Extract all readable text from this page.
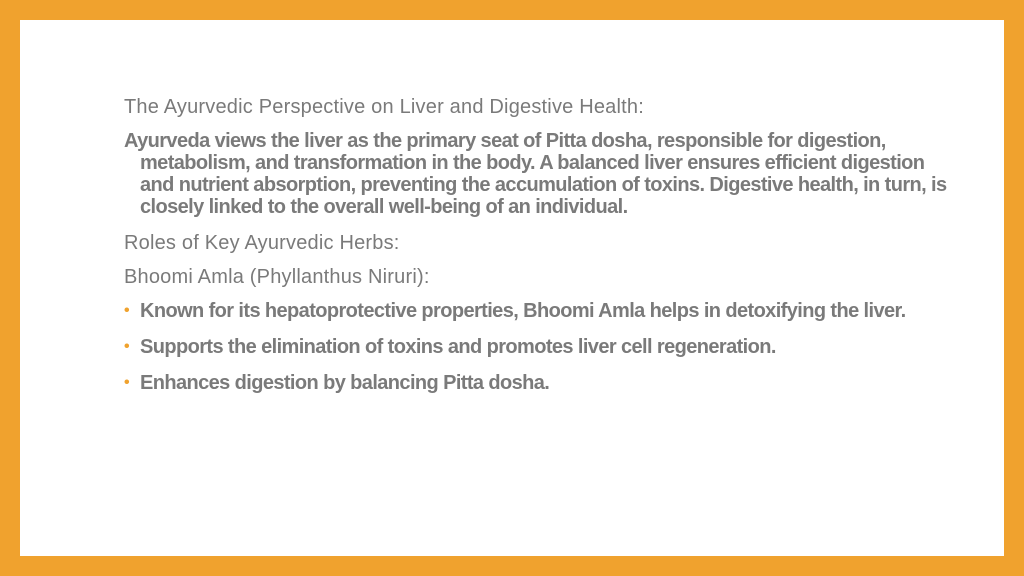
The Ayurvedic Perspective on Liver and Digestive Health:

Ayurveda views the liver as the primary seat of Pitta dosha, responsible for digestion, metabolism, and transformation in the body. A balanced liver ensures efficient digestion and nutrient absorption, preventing the accumulation of toxins. Digestive health, in turn, is closely linked to the overall well-being of an individual.

Roles of Key Ayurvedic Herbs:

Bhoomi Amla (Phyllanthus Niruri):

• Known for its hepatoprotective properties, Bhoomi Amla helps in detoxifying the liver.
• Supports the elimination of toxins and promotes liver cell regeneration.
• Enhances digestion by balancing Pitta dosha.
